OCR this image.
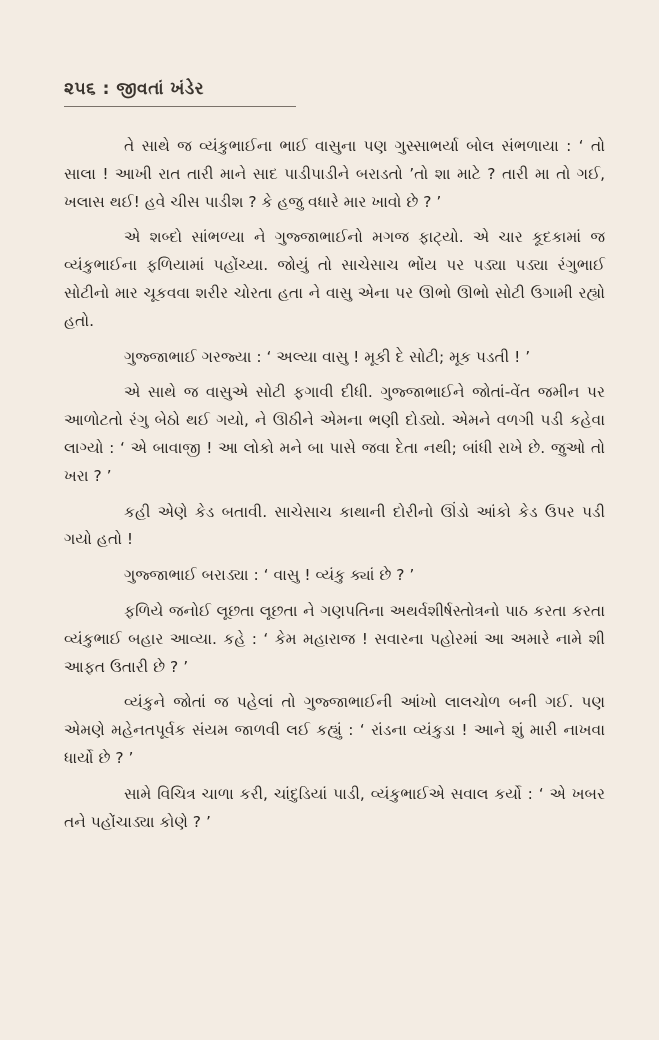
૨૫૬ : જીવતાં ખંડેર

તે સાથે જ વ્યંકુભાઈના ભાઈ વાસુના પણ ગુસ્સાભર્યા બોલ સંભળાયા : ‘ તો સાલા ! આખી રાત તારી માને સાદ પાડીપાડીને બરાડતો ’તો શા માટે ? તારી મા તો ગઈ, ખલાસ થઈ! હવે ચીસ પાડીશ ? કે હજુ વધારે માર ખાવો છે ? ’

એ શબ્દો સાંભળ્યા ને ગુજ્જાભાઈનો મગજ ફાટ્યો. એ ચાર કૂદકામાં જ વ્યંકુભાઈના ફળિયામાં પહોંચ્યા. જોયું તો સાચેસાચ ભોંય પર પડ્યા પડ્યા રંગુભાઈ સોટીનો માર ચૂકવવા શરીર ચોરતા હતા ને વાસુ એના પર ઊભો ઊભો સોટી ઉગામી રહ્યો હતો.

ગુજ્જાભાઈ ગરજ્યા : ‘ અલ્યા વાસુ ! મૂકી દે સોટી; મૂક પડતી ! ’

એ સાથે જ વાસુએ સોટી ફગાવી દીધી. ગુજ્જાભાઈને જોતાં-વેંત જમીન પર આળોટતો રંગુ બેઠો થઈ ગયો, ને ઊઠીને એમના ભણી દોડ્યો. એમને વળગી પડી કહેવા લાગ્યો : ‘ એ બાવાજી ! આ લોકો મને બા પાસે જવા દેતા નથી; બાંધી રાખે છે. જુઓ તો ખરા ? ’

કહી એણે કેડ બતાવી. સાચેસાચ કાથાની દોરીનો ઊંડો આંકો કેડ ઉપર પડી ગયો હતો !

ગુજ્જાભાઈ બરાડ્યા : ‘ વાસુ ! વ્યંકુ ક્યાં છે ? ’

ફળિયે જનોઈ લૂછતા લૂછતા ને ગણપતિના અથર્વશીર્ષસ્તોત્રનો પાઠ કરતા કરતા વ્યંકુભાઈ બહાર આવ્યા. કહે : ‘ કેમ મહારાજ ! સવારના પહોરમાં આ અમારે નામે શી આફત ઉતારી છે ? ’

વ્યંકુને જોતાં જ પહેલાં તો ગુજ્જાભાઈની આંખો લાલચોળ બની ગઈ. પણ એમણે મહેનતપૂર્વક સંયમ જાળવી લઈ કહ્યું : ‘ રાંડના વ્યંકુડા ! આને શું મારી નાખવા ધાર્યો છે ? ’

સામે વિચિત્ર ચાળા કરી, ચાંદુડિયાં પાડી, વ્યંકુભાઈએ સવાલ કર્યો : ‘ એ ખબર તને પહોંચાડ્યા કોણે ? ’
